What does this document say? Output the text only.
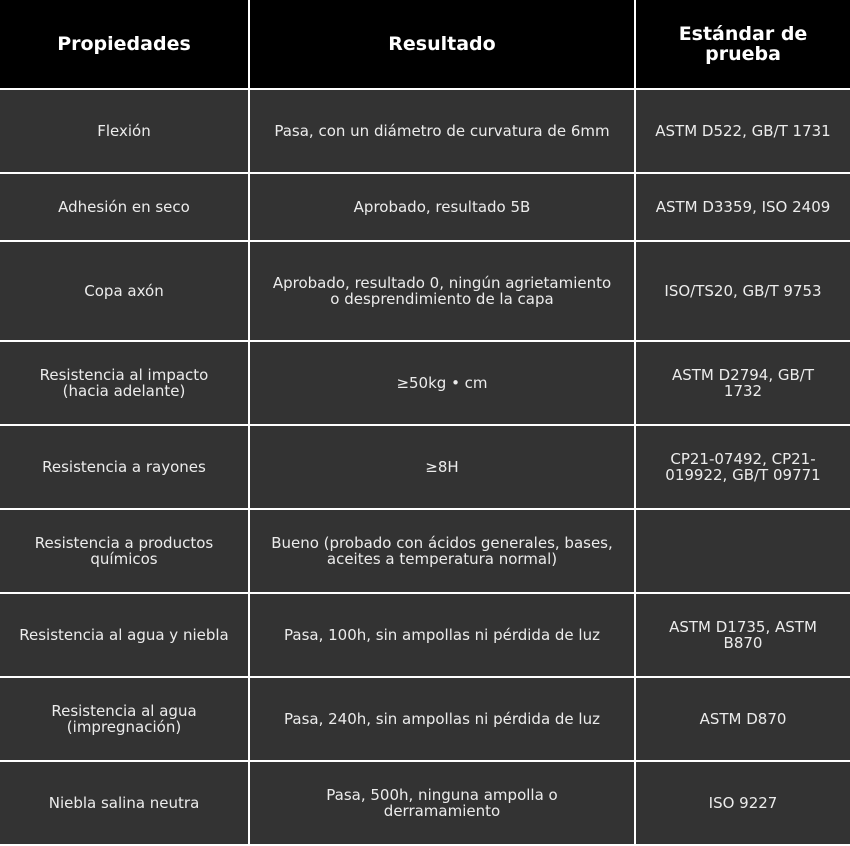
Propiedades	Resultado	Estándar de prueba
Flexión	Pasa, con un diámetro de curvatura de 6mm	ASTM D522, GB/T 1731
Adhesión en seco	Aprobado, resultado 5B	ASTM D3359, ISO 2409
Copa axón	Aprobado, resultado 0, ningún agrietamiento o desprendimiento de la capa	ISO/TS20, GB/T 9753
Resistencia al impacto (hacia adelante)	≥50kg • cm	ASTM D2794, GB/T 1732
Resistencia a rayones	≥8H	CP21-07492, CP21-019922, GB/T 09771
Resistencia a productos químicos	Bueno (probado con ácidos generales, bases, aceites a temperatura normal)	
Resistencia al agua y niebla	Pasa, 100h, sin ampollas ni pérdida de luz	ASTM D1735, ASTM B870
Resistencia al agua (impregnación)	Pasa, 240h, sin ampollas ni pérdida de luz	ASTM D870
Niebla salina neutra	Pasa, 500h, ninguna ampolla o derramamiento	ISO 9227
